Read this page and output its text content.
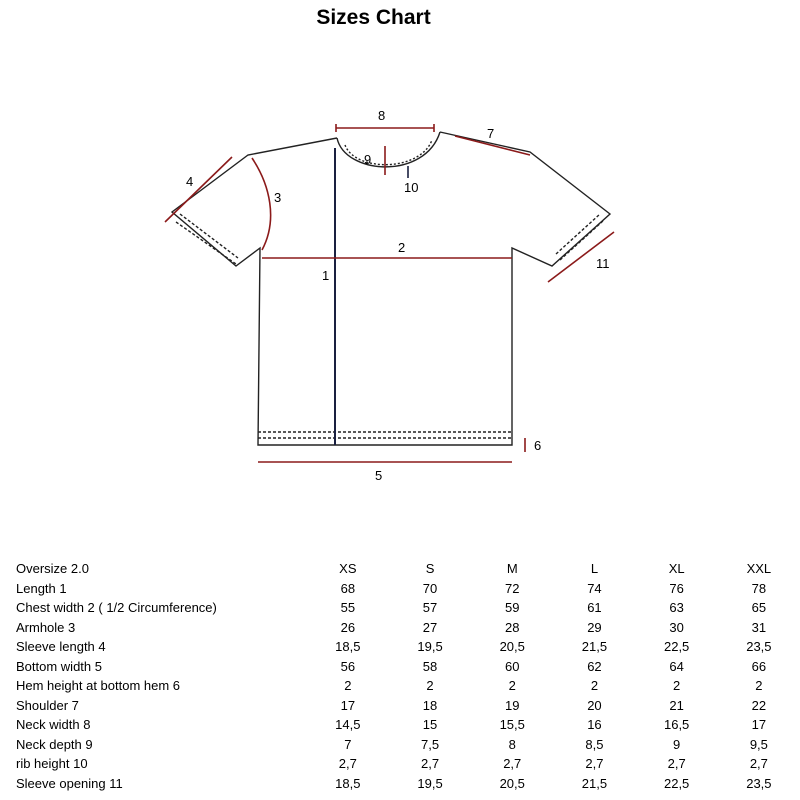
Sizes Chart
1
2
3
4
5
6
7
8
9
10
11
Oversize 2.0	XS	S	M	L	XL	XXL
Length 1	68	70	72	74	76	78
Chest width 2 ( 1/2 Circumference)	55	57	59	61	63	65
Armhole 3	26	27	28	29	30	31
Sleeve length 4	18,5	19,5	20,5	21,5	22,5	23,5
Bottom width 5	56	58	60	62	64	66
Hem height at bottom hem 6	2	2	2	2	2	2
Shoulder 7	17	18	19	20	21	22
Neck width 8	14,5	15	15,5	16	16,5	17
Neck depth 9	7	7,5	8	8,5	9	9,5
rib height 10	2,7	2,7	2,7	2,7	2,7	2,7
Sleeve opening 11	18,5	19,5	20,5	21,5	22,5	23,5
